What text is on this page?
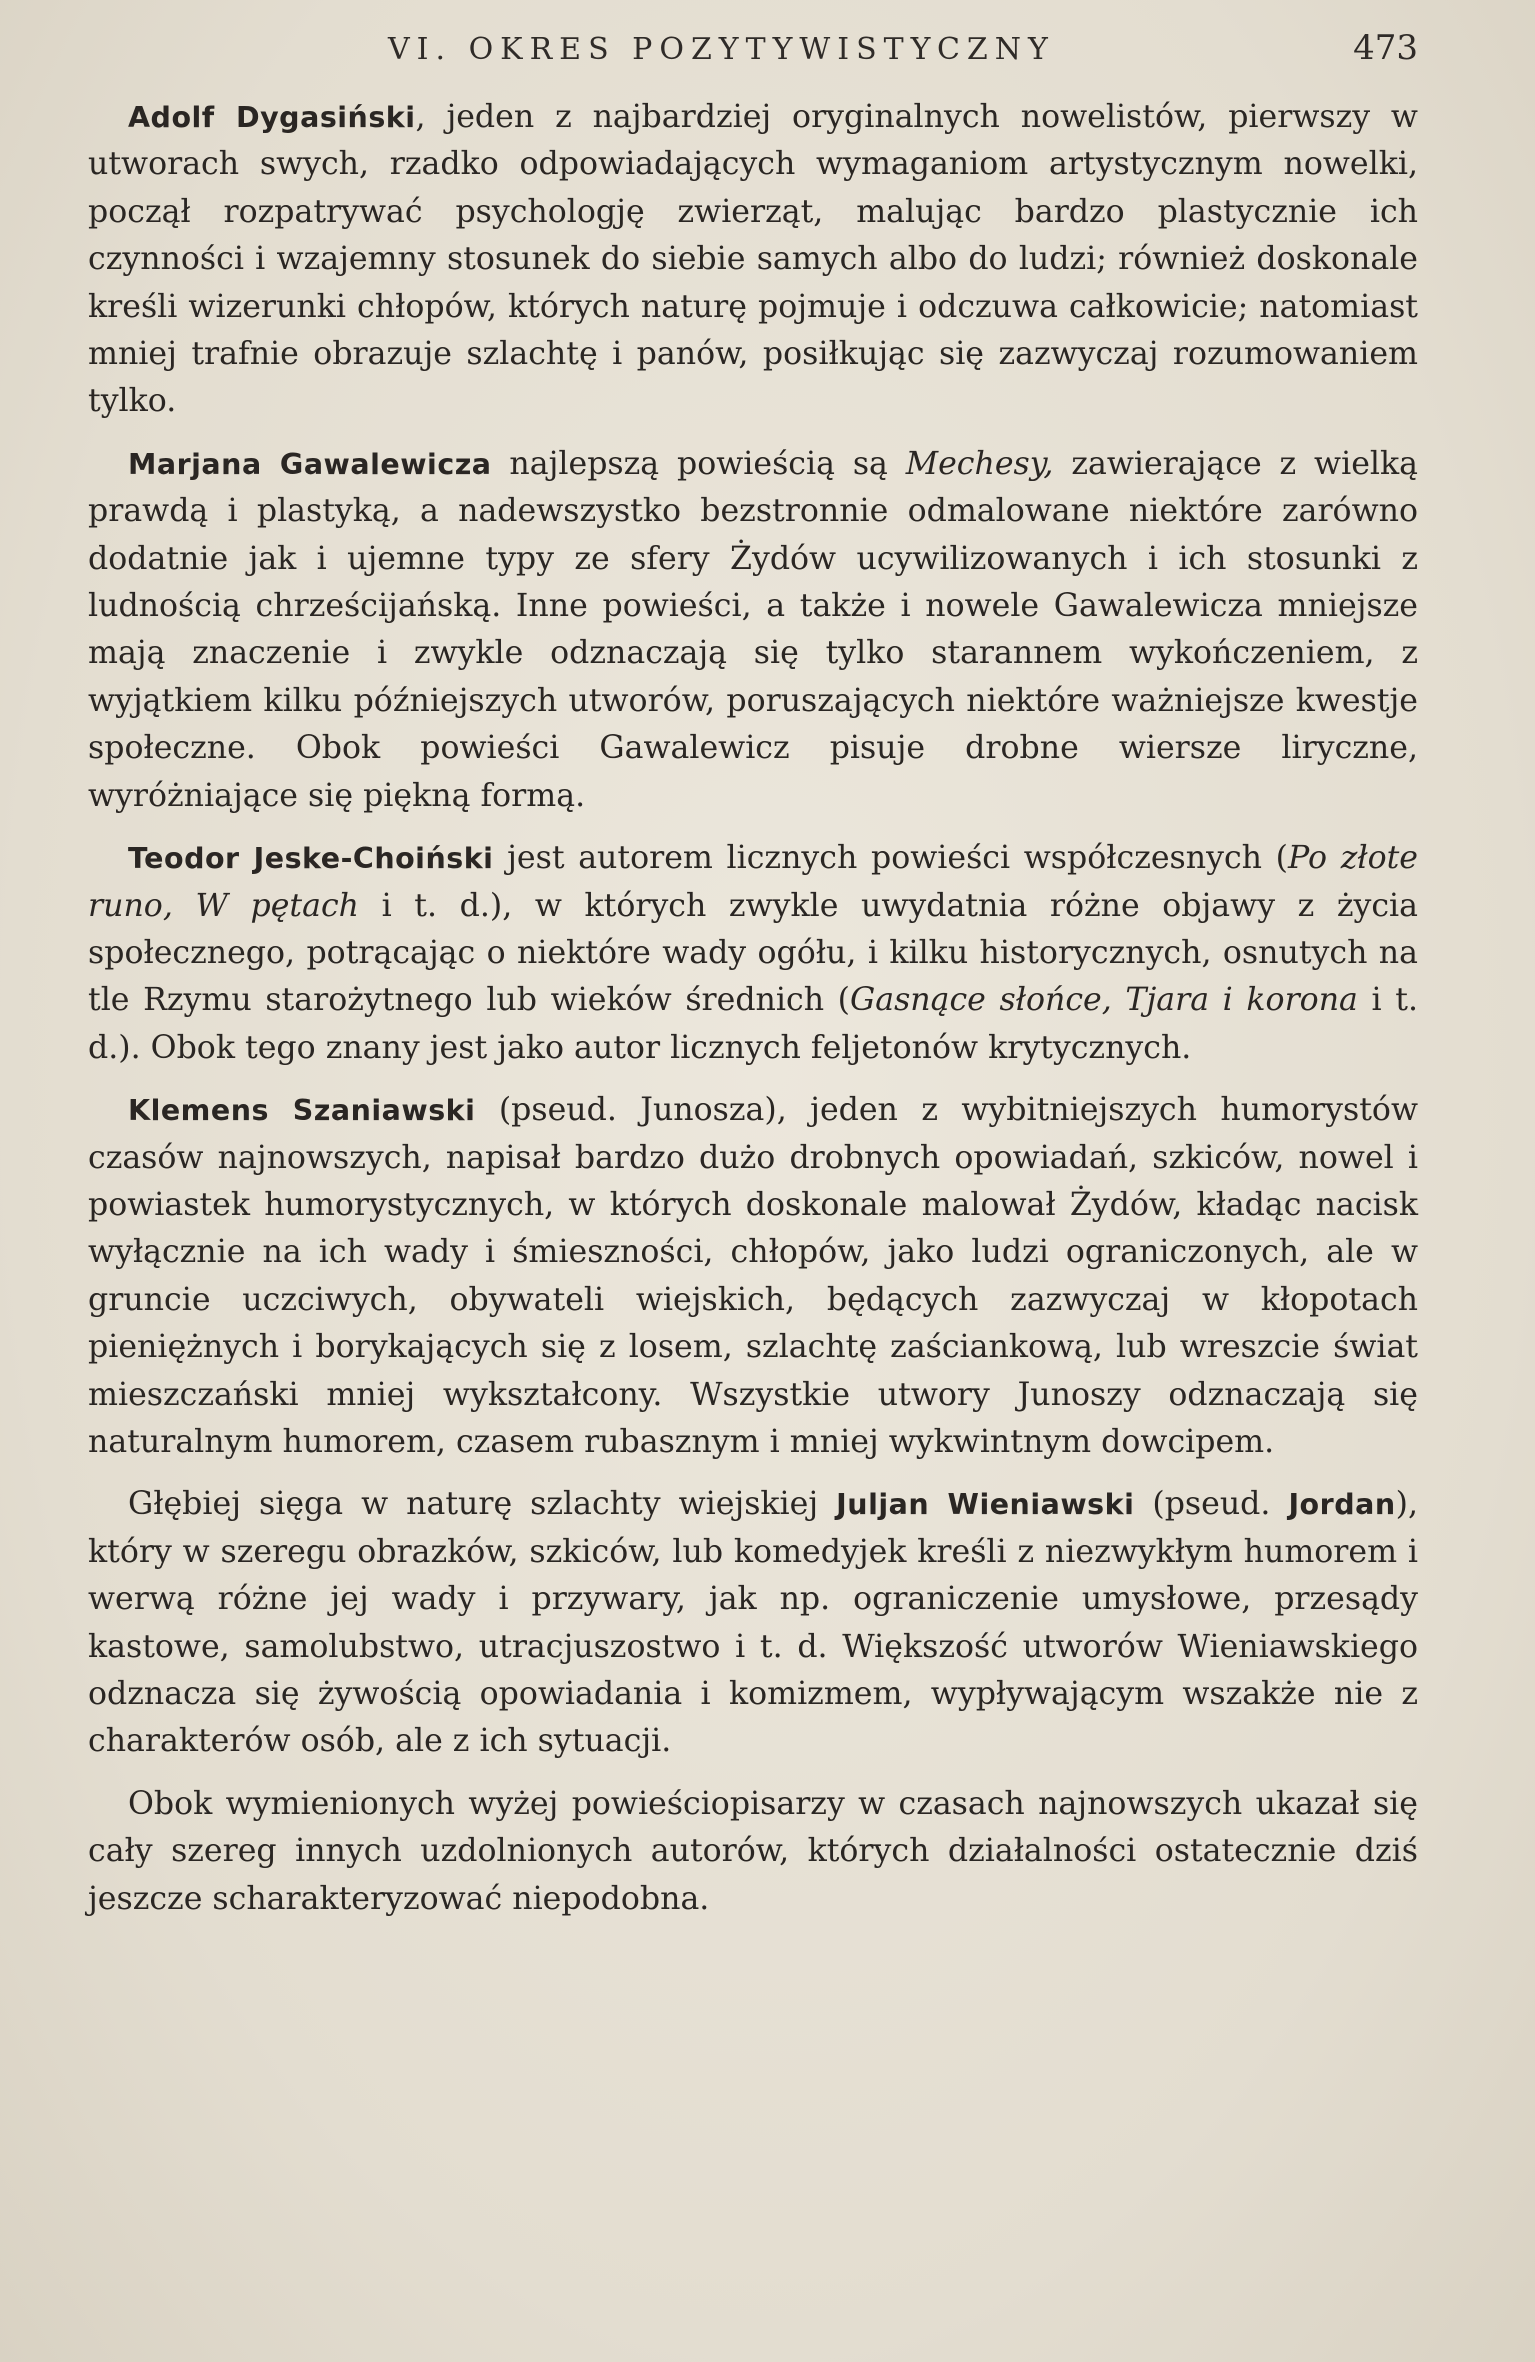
VI. OKRES POZYTYWISTYCZNY	473

Adolf Dygasiński, jeden z najbardziej oryginalnych nowelistów, pierwszy w utworach swych, rzadko odpowiadających wymaganiom artystycznym nowelki, począł rozpatrywać psychologję zwierząt, malując bardzo plastycznie ich czynności i wzajemny stosunek do siebie samych albo do ludzi; również doskonale kreśli wizerunki chłopów, których naturę pojmuje i odczuwa całkowicie; natomiast mniej trafnie obrazuje szlachtę i panów, posiłkując się zazwyczaj rozumowaniem tylko.

Marjana Gawalewicza najlepszą powieścią są Mechesy, zawierające z wielką prawdą i plastyką, a nadewszystko bezstronnie odmalowane niektóre zarówno dodatnie jak i ujemne typy ze sfery Żydów ucywilizowanych i ich stosunki z ludnością chrześcijańską. Inne powieści, a także i nowele Gawalewicza mniejsze mają znaczenie i zwykle odznaczają się tylko starannem wykończeniem, z wyjątkiem kilku późniejszych utworów, poruszających niektóre ważniejsze kwestje społeczne. Obok powieści Gawalewicz pisuje drobne wiersze liryczne, wyróżniające się piękną formą.

Teodor Jeske-Choiński jest autorem licznych powieści współczesnych (Po złote runo, W pętach i t. d.), w których zwykle uwydatnia różne objawy z życia społecznego, potrącając o niektóre wady ogółu, i kilku historycznych, osnutych na tle Rzymu starożytnego lub wieków średnich (Gasnące słońce, Tjara i korona i t. d.). Obok tego znany jest jako autor licznych feljetonów krytycznych.

Klemens Szaniawski (pseud. Junosza), jeden z wybitniejszych humorystów czasów najnowszych, napisał bardzo dużo drobnych opowiadań, szkiców, nowel i powiastek humorystycznych, w których doskonale malował Żydów, kładąc nacisk wyłącznie na ich wady i śmieszności, chłopów, jako ludzi ograniczonych, ale w gruncie uczciwych, obywateli wiejskich, będących zazwyczaj w kłopotach pieniężnych i borykających się z losem, szlachtę zaściankową, lub wreszcie świat mieszczański mniej wykształcony. Wszystkie utwory Junoszy odznaczają się naturalnym humorem, czasem rubasznym i mniej wykwintnym dowcipem.

Głębiej sięga w naturę szlachty wiejskiej Juljan Wieniawski (pseud. Jordan), który w szeregu obrazków, szkiców, lub komedyjek kreśli z niezwykłym humorem i werwą różne jej wady i przywary, jak np. ograniczenie umysłowe, przesądy kastowe, samolubstwo, utracjuszostwo i t. d. Większość utworów Wieniawskiego odznacza się żywością opowiadania i komizmem, wypływającym wszakże nie z charakterów osób, ale z ich sytuacji.

Obok wymienionych wyżej powieściopisarzy w czasach najnowszych ukazał się cały szereg innych uzdolnionych autorów, których działalności ostatecznie dziś jeszcze scharakteryzować niepodobna.
